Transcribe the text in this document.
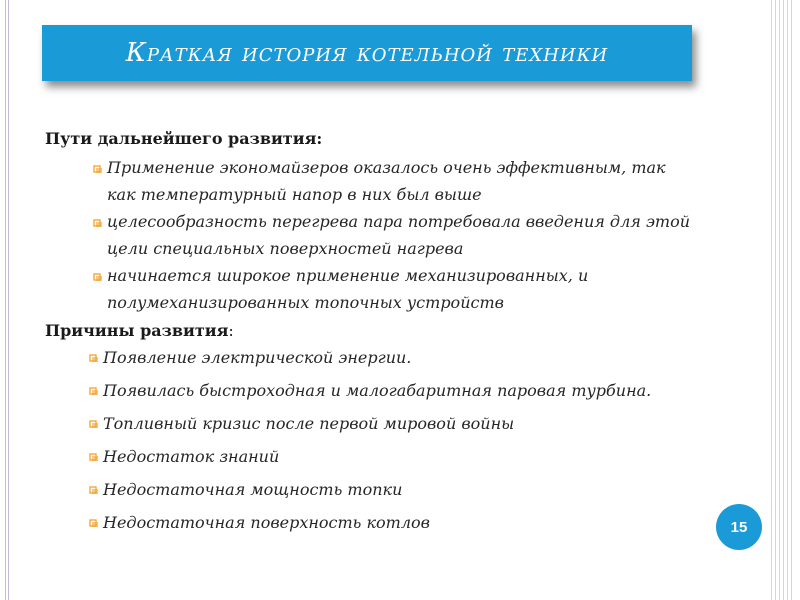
Краткая история котельной техники

Пути дальнейшего развития:

Применение экономайзеров оказалось очень эффективным, так
как температурный напор в них был выше
целесообразность перегрева пара потребовала введения для этой
цели специальных поверхностей нагрева
начинается широкое применение механизированных, и
полумеханизированных топочных устройств

Причины развития:

Появление электрической энергии.
Появилась быстроходная и малогабаритная паровая турбина.
Топливный кризис после первой мировой войны
Недостаток знаний
Недостаточная мощность топки
Недостаточная поверхность котлов	15
